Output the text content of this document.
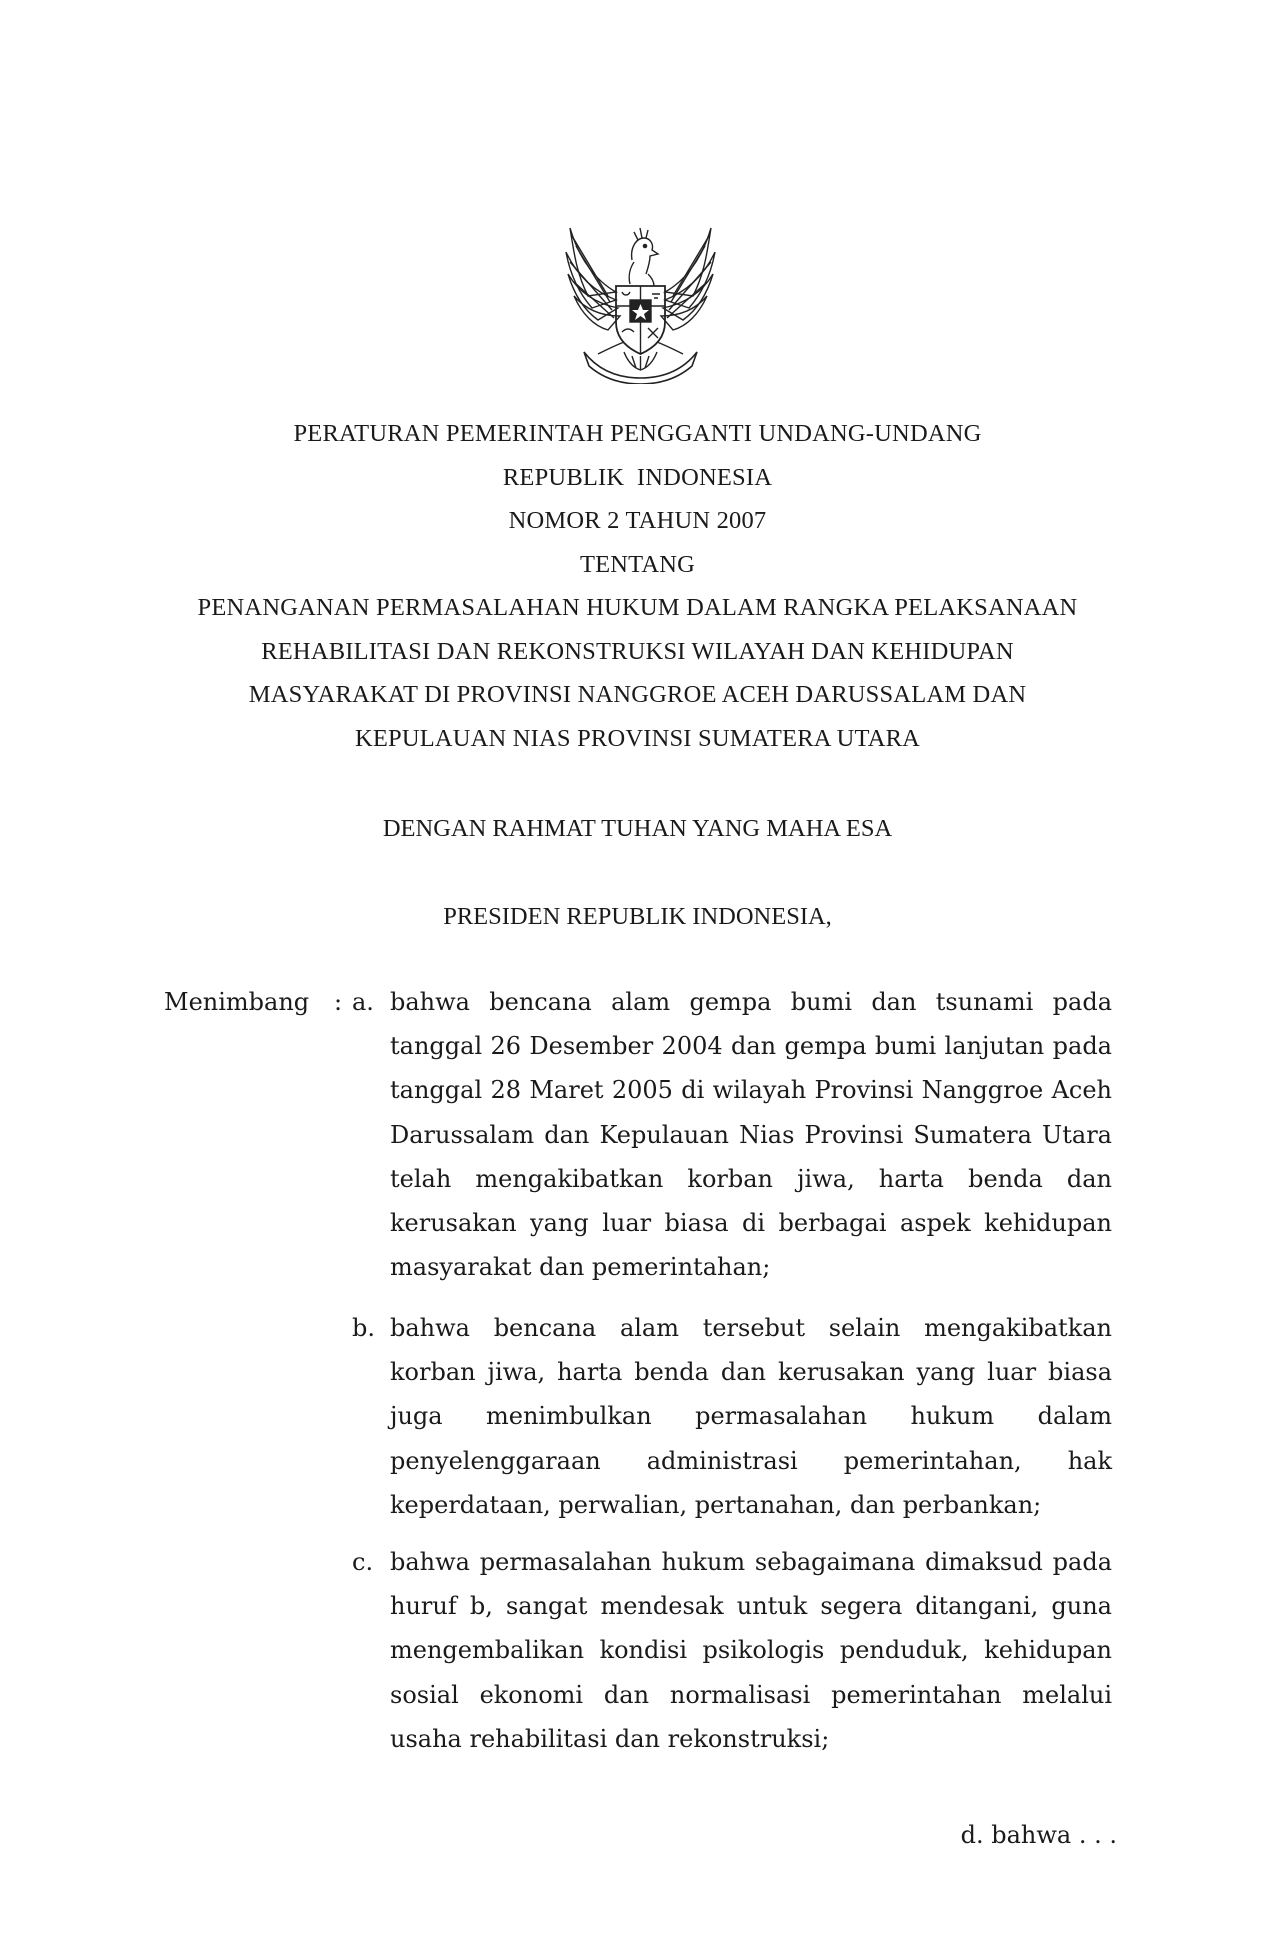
PERATURAN PEMERINTAH PENGGANTI UNDANG-UNDANG
REPUBLIK  INDONESIA
NOMOR 2 TAHUN 2007
TENTANG
PENANGANAN PERMASALAHAN HUKUM DALAM RANGKA PELAKSANAAN
REHABILITASI DAN REKONSTRUKSI WILAYAH DAN KEHIDUPAN
MASYARAKAT DI PROVINSI NANGGROE ACEH DARUSSALAM DAN
KEPULAUAN NIAS PROVINSI SUMATERA UTARA
DENGAN RAHMAT TUHAN YANG MAHA ESA
PRESIDEN REPUBLIK INDONESIA,
Menimbang : a. bahwa bencana alam gempa bumi dan tsunami pada tanggal 26 Desember 2004 dan gempa bumi lanjutan pada tanggal 28 Maret 2005 di wilayah Provinsi Nanggroe Aceh Darussalam dan Kepulauan Nias Provinsi Sumatera Utara telah mengakibatkan korban jiwa, harta benda dan kerusakan yang luar biasa di berbagai aspek kehidupan masyarakat dan pemerintahan;
b. bahwa bencana alam tersebut selain mengakibatkan korban jiwa, harta benda dan kerusakan yang luar biasa juga menimbulkan permasalahan hukum dalam penyelenggaraan administrasi pemerintahan, hak keperdataan, perwalian, pertanahan, dan perbankan;
c. bahwa permasalahan hukum sebagaimana dimaksud pada huruf b, sangat mendesak untuk segera ditangani, guna mengembalikan kondisi psikologis penduduk, kehidupan sosial ekonomi dan normalisasi pemerintahan melalui usaha rehabilitasi dan rekonstruksi;
d. bahwa . . .
